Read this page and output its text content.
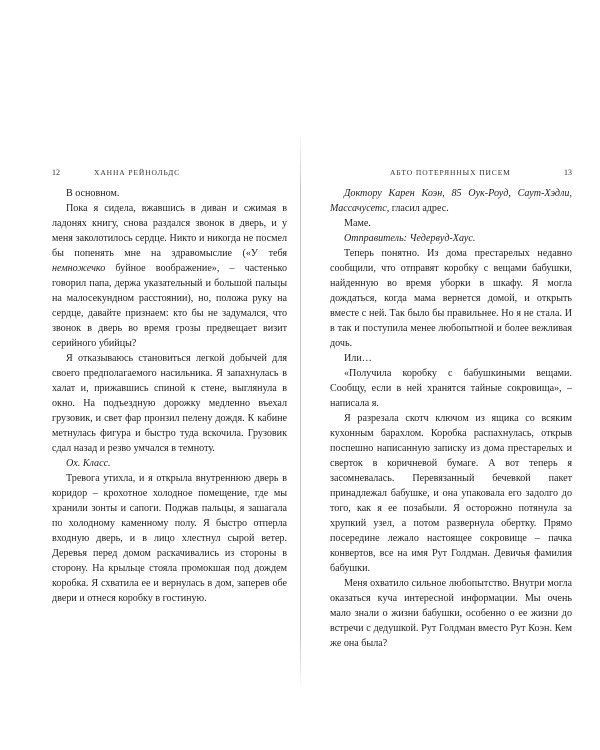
12	ХАННА РЕЙНОЛЬДС

В основном.

Пока я сидела, вжавшись в диван и сжимая в ладонях книгу, снова раздался звонок в дверь, и у меня заколотилось сердце. Никто и никогда не посмел бы попенять мне на здравомыслие («У тебя немножечко буйное воображение», – частенько говорил папа, держа указательный и большой пальцы на малосекундном расстоянии), но, положа руку на сердце, давайте признаем: кто бы не задумался, что звонок в дверь во время грозы предвещает визит серийного убийцы?

Я отказываюсь становиться легкой добычей для своего предполагаемого насильника. Я запахнулась в халат и, прижавшись спиной к стене, выглянула в окно. На подъездную дорожку медленно въехал грузовик, и свет фар пронзил пелену дождя. К кабине метнулась фигура и быстро туда вскочила. Грузовик сдал назад и резво умчался в темноту.

Ох. Класс.

Тревога утихла, и я открыла внутреннюю дверь в коридор – крохотное холодное помещение, где мы хранили зонты и сапоги. Поджав пальцы, я зашагала по холодному каменному полу. Я быстро отперла входную дверь, и в лицо хлестнул сырой ветер. Деревья перед домом раскачивались из стороны в сторону. На крыльце стояла промокшая под дождем коробка. Я схватила ее и вернулась в дом, заперев обе двери и отнеся коробку в гостиную.

АБТО ПОТЕРЯННЫХ ПИСЕМ	13

Доктору Карен Коэн, 85 Оук-Роуд, Саут-Хэдли, Массачусетс, гласил адрес.

Маме.

Отправитель: Чедервуд-Хаус.

Теперь понятно. Из дома престарелых недавно сообщили, что отправят коробку с вещами бабушки, найденную во время уборки в шкафу. Я могла дождаться, когда мама вернется домой, и открыть вместе с ней. Так было бы правильнее. Но я не стала. И в так и поступила менее любопытной и более вежливая дочь.

Или…

«Получила коробку с бабушкиными вещами. Сообщу, если в ней хранятся тайные сокровища», – написала я.

Я разрезала скотч ключом из ящика со всяким кухонным барахлом. Коробка распахнулась, открыв поспешно написанную записку из дома престарелых и сверток в коричневой бумаге. А вот теперь я засомневалась. Перевязанный бечевкой пакет принадлежал бабушке, и она упаковала его задолго до того, как я ее позабыли. Я осторожно потянула за хрупкий узел, а потом развернула обертку. Прямо посередине лежало настоящее сокровище – пачка конвертов, все на имя Рут Голдман. Девичья фамилия бабушки.

Меня охватило сильное любопытство. Внутри могла оказаться куча интересной информации. Мы очень мало знали о жизни бабушки, особенно о ее жизни до встречи с дедушкой. Рут Голдман вместо Рут Коэн. Кем же она была?
